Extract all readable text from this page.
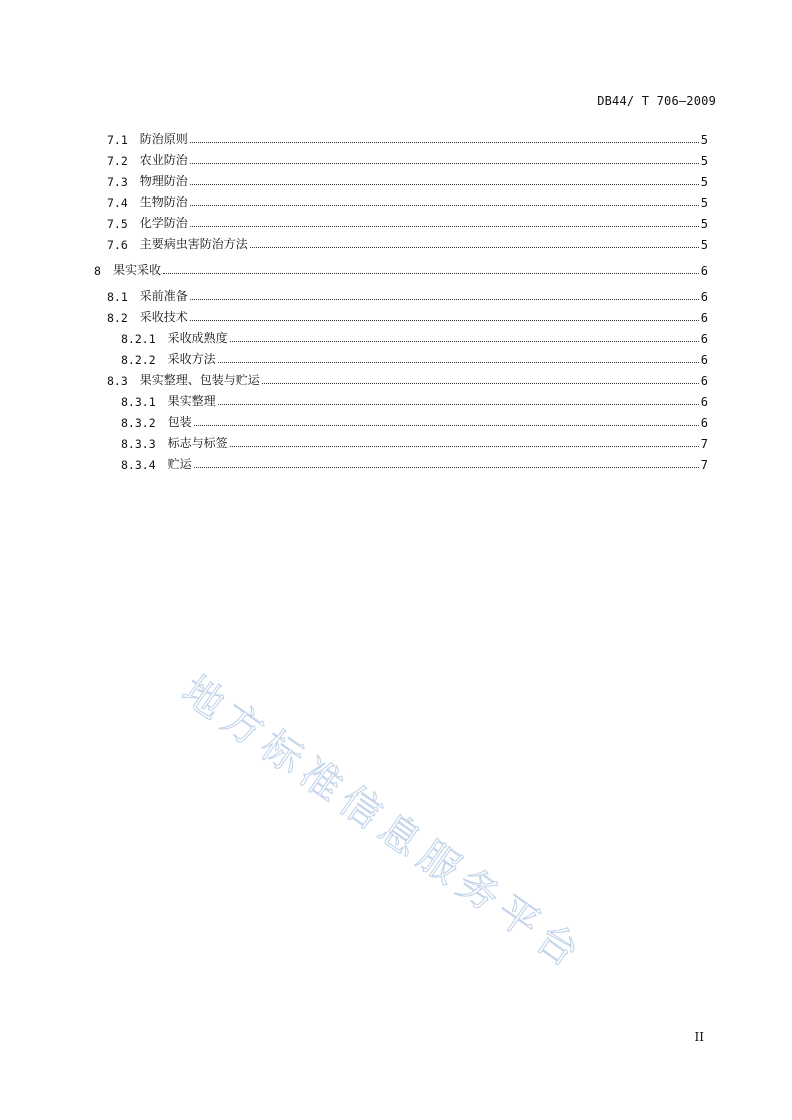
DB44/ T 706—2009
7.1 防治原则	5
7.2 农业防治	5
7.3 物理防治	5
7.4 生物防治	5
7.5 化学防治	5
7.6 主要病虫害防治方法	5
8 果实采收	6
8.1 采前准备	6
8.2 采收技术	6
8.2.1 采收成熟度	6
8.2.2 采收方法	6
8.3 果实整理、包装与贮运	6
8.3.1 果实整理	6
8.3.2 包装	6
8.3.3 标志与标签	7
8.3.4 贮运	7
地方标准信息服务平台
II
